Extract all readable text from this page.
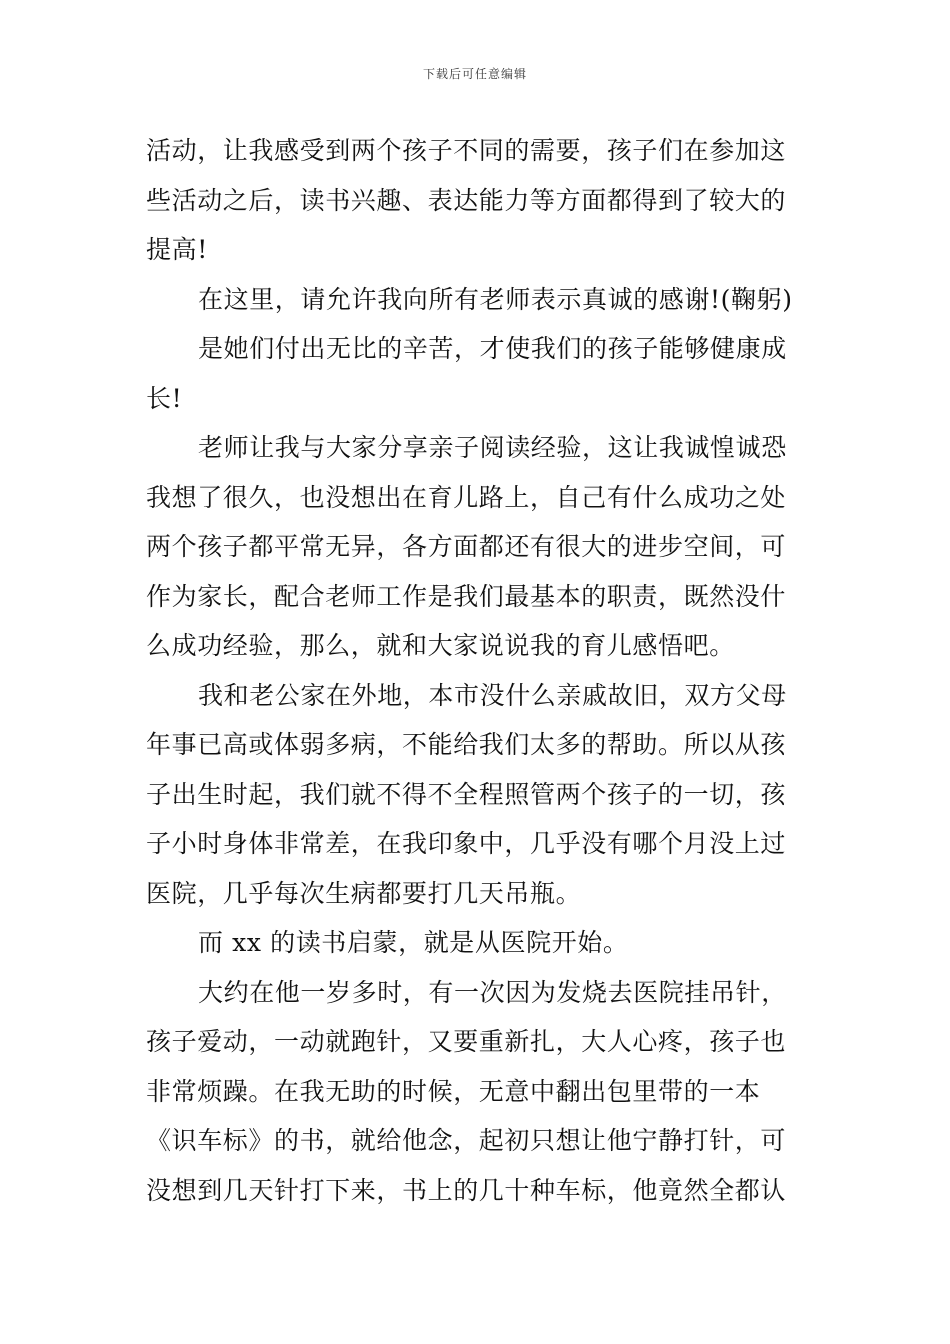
下载后可任意编辑
活动，让我感受到两个孩子不同的需要，孩子们在参加这
些活动之后，读书兴趣、表达能力等方面都得到了较大的
提高!
在这里，请允许我向所有老师表示真诚的感谢!(鞠躬)
是她们付出无比的辛苦，才使我们的孩子能够健康成
长!
老师让我与大家分享亲子阅读经验，这让我诚惶诚恐
我想了很久，也没想出在育儿路上，自己有什么成功之处
两个孩子都平常无异，各方面都还有很大的进步空间，可
作为家长，配合老师工作是我们最基本的职责，既然没什
么成功经验，那么，就和大家说说我的育儿感悟吧。
我和老公家在外地，本市没什么亲戚故旧，双方父母
年事已高或体弱多病，不能给我们太多的帮助。所以从孩
子出生时起，我们就不得不全程照管两个孩子的一切，孩
子小时身体非常差，在我印象中，几乎没有哪个月没上过
医院，几乎每次生病都要打几天吊瓶。
而 xx 的读书启蒙，就是从医院开始。
大约在他一岁多时，有一次因为发烧去医院挂吊针，
孩子爱动，一动就跑针，又要重新扎，大人心疼，孩子也
非常烦躁。在我无助的时候，无意中翻出包里带的一本
《识车标》的书，就给他念，起初只想让他宁静打针，可
没想到几天针打下来，书上的几十种车标，他竟然全都认
